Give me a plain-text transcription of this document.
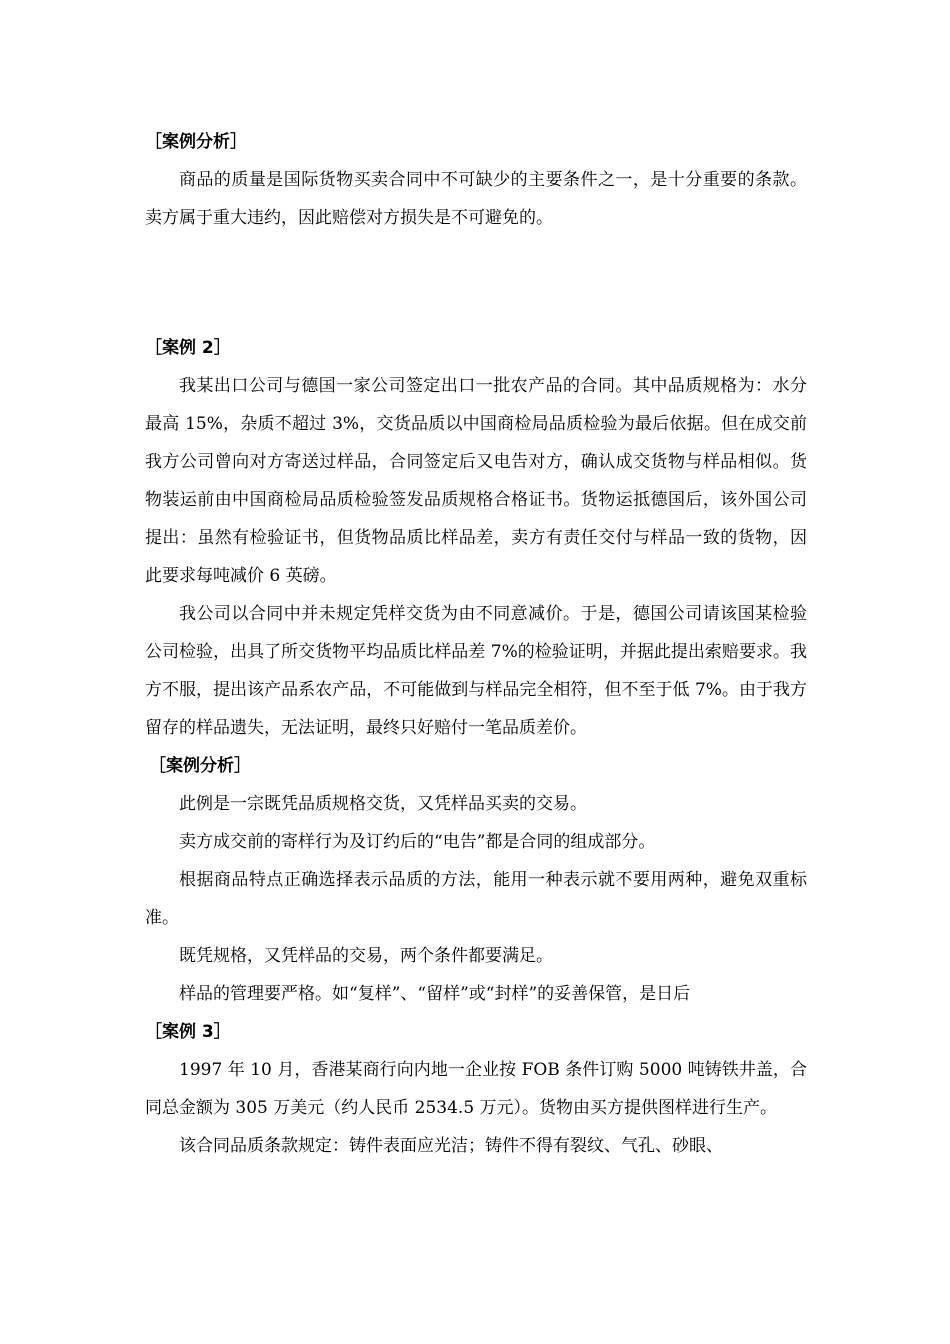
［案例分析］

商品的质量是国际货物买卖合同中不可缺少的主要条件之一，是十分重要的条款。卖方属于重大违约，因此赔偿对方损失是不可避免的。

［案例 2］

我某出口公司与德国一家公司签定出口一批农产品的合同。其中品质规格为：水分最高 15%，杂质不超过 3%，交货品质以中国商检局品质检验为最后依据。但在成交前我方公司曾向对方寄送过样品，合同签定后又电告对方，确认成交货物与样品相似。货物装运前由中国商检局品质检验签发品质规格合格证书。货物运抵德国后，该外国公司提出：虽然有检验证书，但货物品质比样品差，卖方有责任交付与样品一致的货物，因此要求每吨减价 6 英磅。

我公司以合同中并未规定凭样交货为由不同意减价。于是，德国公司请该国某检验公司检验，出具了所交货物平均品质比样品差 7%的检验证明，并据此提出索赔要求。我方不服，提出该产品系农产品，不可能做到与样品完全相符，但不至于低 7%。由于我方留存的样品遗失，无法证明，最终只好赔付一笔品质差价。

［案例分析］

此例是一宗既凭品质规格交货，又凭样品买卖的交易。

卖方成交前的寄样行为及订约后的“电告”都是合同的组成部分。

根据商品特点正确选择表示品质的方法，能用一种表示就不要用两种，避免双重标准。

既凭规格，又凭样品的交易，两个条件都要满足。

样品的管理要严格。如“复样”、“留样”或“封样”的妥善保管，是日后

［案例 3］

1997 年 10 月，香港某商行向内地一企业按 FOB 条件订购 5000 吨铸铁井盖，合同总金额为 305 万美元（约人民币 2534.5 万元）。货物由买方提供图样进行生产。

该合同品质条款规定：铸件表面应光洁；铸件不得有裂纹、气孔、砂眼、
